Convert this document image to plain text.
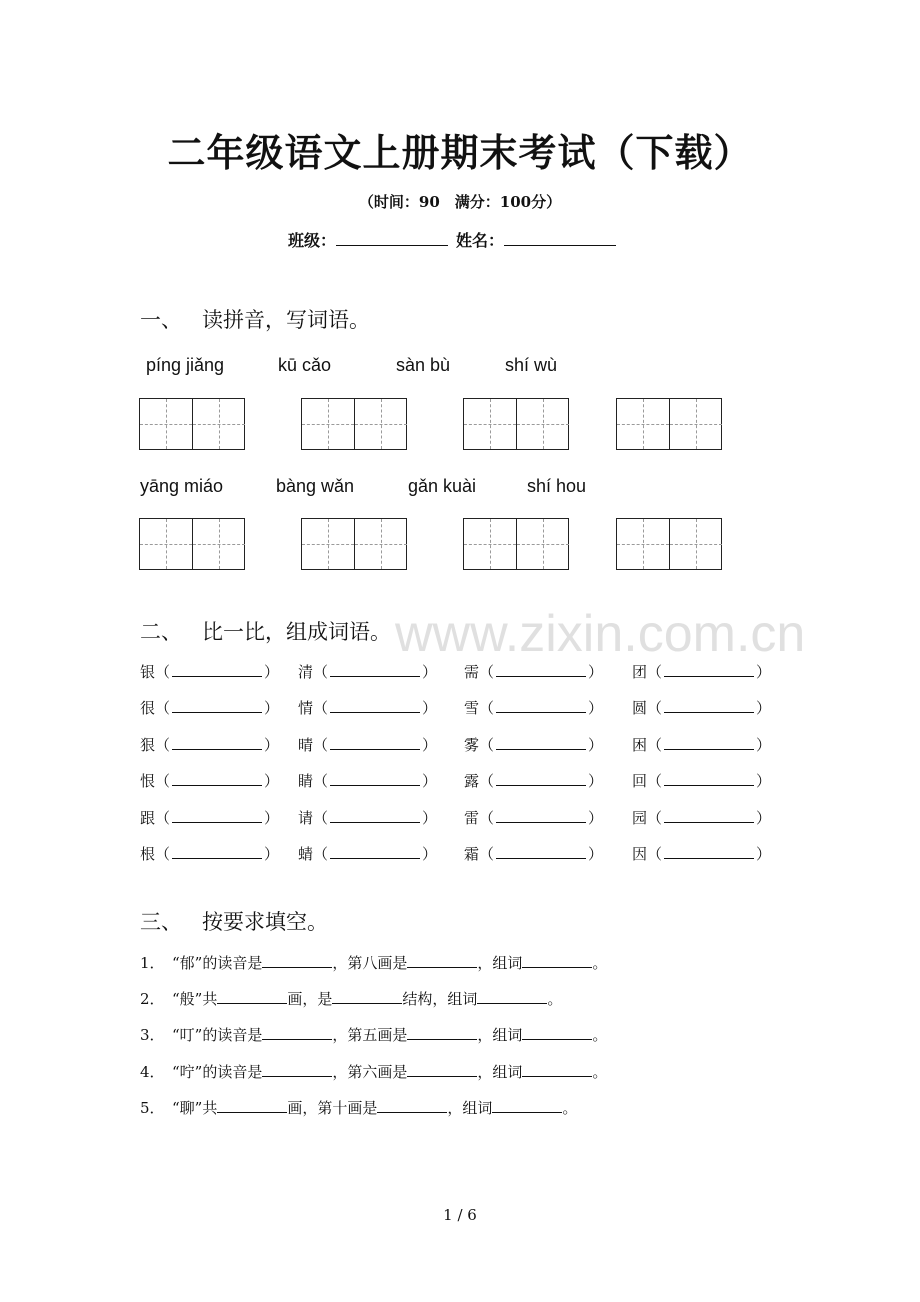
二年级语文上册期末考试（下载）
（时间：90　满分：100分）
班级：	姓名：
一、 读拼音，写词语。
píng jiǎng	kū cǎo	sàn bù	shí wù
yāng miáo	bàng wǎn	gǎn kuài	shí hou
二、 比一比，组成词语。 www.zixin.com.cn
银（	） 清（	） 需（	） 团（	）
很（	） 情（	） 雪（	） 圆（	）
狠（	） 晴（	） 雾（	） 困（	）
恨（	） 睛（	） 露（	） 回（	）
跟（	） 请（	） 雷（	） 园（	）
根（	） 蜻（	） 霜（	） 因（	）
三、 按要求填空。
1． “郁”的读音是	，第八画是	，组词	。
2． “般”共	画，是	结构，组词	。
3． “叮”的读音是	，第五画是	，组词	。
4． “咛”的读音是	，第六画是	，组词	。
5． “聊”共	画，第十画是	，组词	。
1 / 6
